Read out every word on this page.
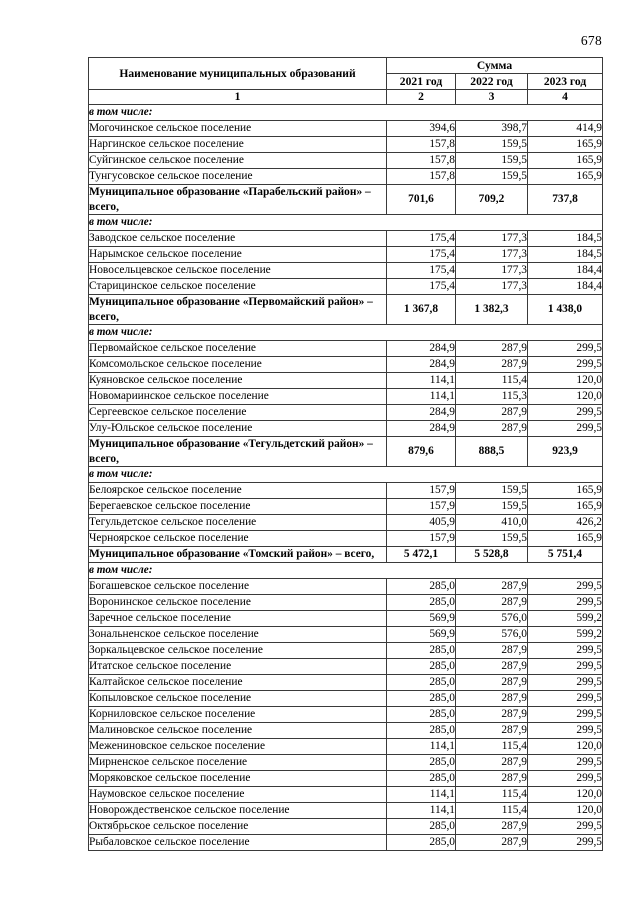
678
Наименование муниципальных образований	Сумма		
	2021 год	2022 год	2023 год
1	2	3	4
в том числе:			
Могочинское сельское поселение	394,6	398,7	414,9
Наргинское сельское поселение	157,8	159,5	165,9
Суйгинское сельское поселение	157,8	159,5	165,9
Тунгусовское сельское поселение	157,8	159,5	165,9
Муниципальное образование «Парабельский район» – всего,	701,6	709,2	737,8
в том числе:			
Заводское сельское поселение	175,4	177,3	184,5
Нарымское сельское поселение	175,4	177,3	184,5
Новосельцевское сельское поселение	175,4	177,3	184,4
Старицинское сельское поселение	175,4	177,3	184,4
Муниципальное образование «Первомайский район» – всего,	1 367,8	1 382,3	1 438,0
в том числе:			
Первомайское сельское поселение	284,9	287,9	299,5
Комсомольское сельское поселение	284,9	287,9	299,5
Куяновское сельское поселение	114,1	115,4	120,0
Новомариинское сельское поселение	114,1	115,3	120,0
Сергеевское сельское поселение	284,9	287,9	299,5
Улу-Юльское сельское поселение	284,9	287,9	299,5
Муниципальное образование «Тегульдетский район» – всего,	879,6	888,5	923,9
в том числе:			
Белоярское сельское поселение	157,9	159,5	165,9
Берегаевское сельское поселение	157,9	159,5	165,9
Тегульдетское сельское поселение	405,9	410,0	426,2
Черноярское сельское поселение	157,9	159,5	165,9
Муниципальное образование «Томский район» – всего,	5 472,1	5 528,8	5 751,4
в том числе:			
Богашевское сельское поселение	285,0	287,9	299,5
Воронинское сельское поселение	285,0	287,9	299,5
Заречное сельское поселение	569,9	576,0	599,2
Зональненское сельское поселение	569,9	576,0	599,2
Зоркальцевское сельское поселение	285,0	287,9	299,5
Итатское сельское поселение	285,0	287,9	299,5
Калтайское сельское поселение	285,0	287,9	299,5
Копыловское сельское поселение	285,0	287,9	299,5
Корниловское сельское поселение	285,0	287,9	299,5
Малиновское сельское поселение	285,0	287,9	299,5
Межениновское сельское поселение	114,1	115,4	120,0
Мирненское сельское поселение	285,0	287,9	299,5
Моряковское сельское поселение	285,0	287,9	299,5
Наумовское сельское поселение	114,1	115,4	120,0
Новорождественское сельское поселение	114,1	115,4	120,0
Октябрьское сельское поселение	285,0	287,9	299,5
Рыбаловское сельское поселение	285,0	287,9	299,5
